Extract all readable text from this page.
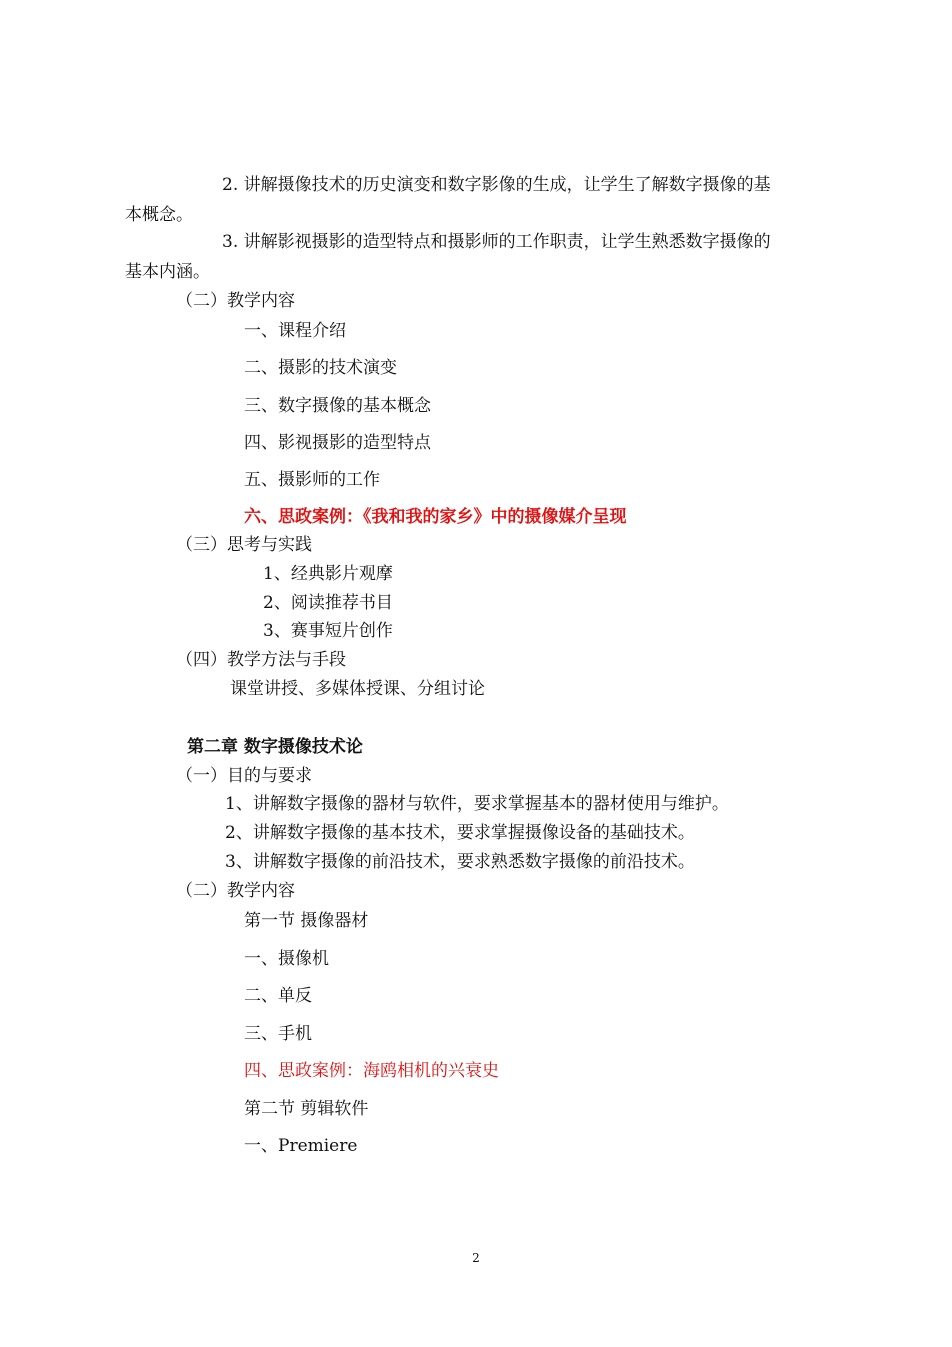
2. 讲解摄像技术的历史演变和数字影像的生成，让学生了解数字摄像的基
本概念。
3. 讲解影视摄影的造型特点和摄影师的工作职责，让学生熟悉数字摄像的
基本内涵。
（二）教学内容
一、课程介绍
二、摄影的技术演变
三、数字摄像的基本概念
四、影视摄影的造型特点
五、摄影师的工作
六、思政案例：《我和我的家乡》中的摄像媒介呈现
（三）思考与实践
1、经典影片观摩
2、阅读推荐书目
3、赛事短片创作
（四）教学方法与手段
课堂讲授、多媒体授课、分组讨论
第二章 数字摄像技术论
（一）目的与要求
1、讲解数字摄像的器材与软件，要求掌握基本的器材使用与维护。
2、讲解数字摄像的基本技术，要求掌握摄像设备的基础技术。
3、讲解数字摄像的前沿技术，要求熟悉数字摄像的前沿技术。
（二）教学内容
第一节 摄像器材
一、摄像机
二、单反
三、手机
四、思政案例：海鸥相机的兴衰史
第二节 剪辑软件
一、Premiere
2
